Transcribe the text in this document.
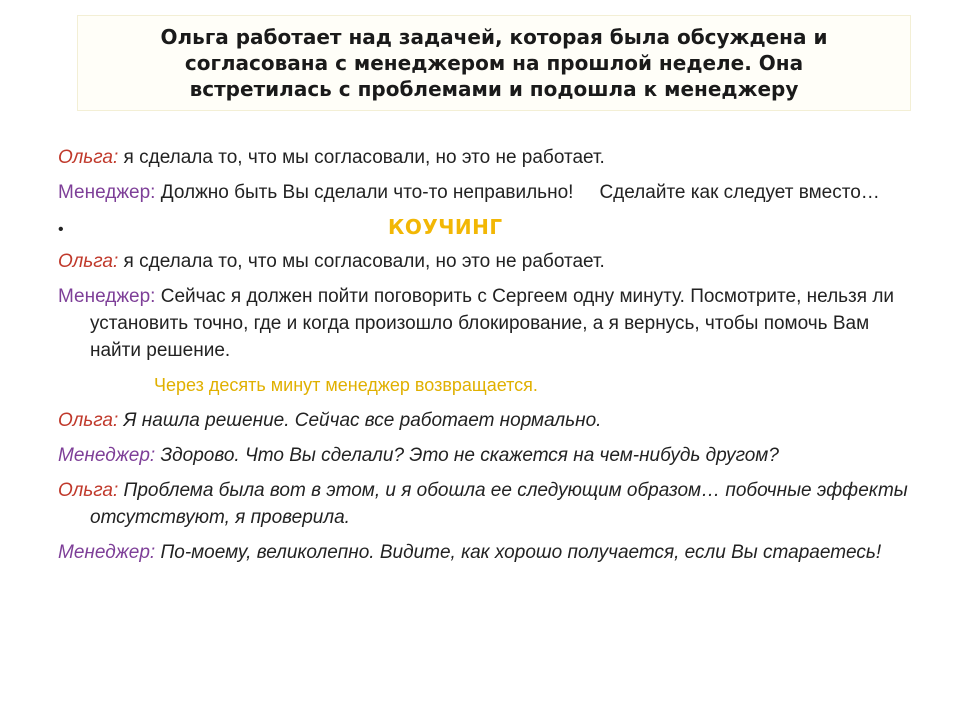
Ольга работает над задачей, которая была обсуждена и
согласована с менеджером на прошлой неделе. Она
встретилась с проблемами и подошла к менеджеру

Ольга: я сделала то, что мы согласовали, но это не работает.

Менеджер: Должно быть Вы сделали что-то неправильно! Сделайте как следует вместо…

•	КОУЧИНГ

Ольга: я сделала то, что мы согласовали, но это не работает.

Менеджер: Сейчас я должен пойти поговорить с Сергеем одну минуту. Посмотрите, нельзя ли установить точно, где и когда произошло блокирование, а я вернусь, чтобы помочь Вам найти решение.

Через десять минут менеджер возвращается.

Ольга: Я нашла решение. Сейчас все работает нормально.

Менеджер: Здорово. Что Вы сделали? Это не скажется на чем-нибудь другом?

Ольга: Проблема была вот в этом, и я обошла ее следующим образом… побочные эффекты отсутствуют, я проверила.

Менеджер: По-моему, великолепно. Видите, как хорошо получается, если Вы стараетесь!
